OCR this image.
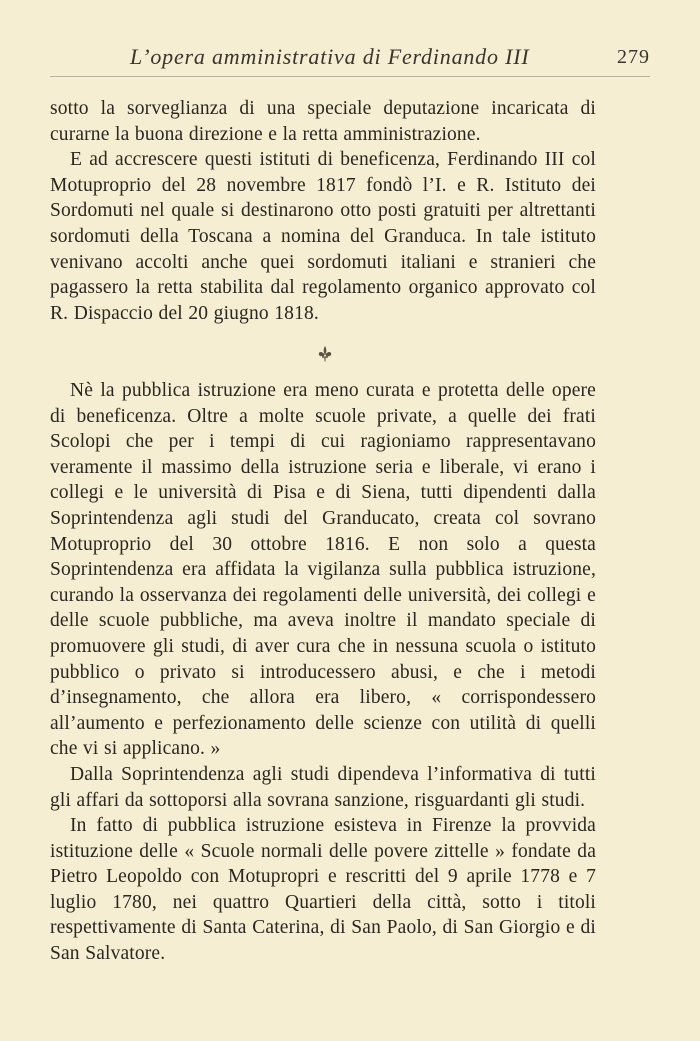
L’opera amministrativa di Ferdinando III	279

sotto la sorveglianza di una speciale deputazione incaricata di curarne la buona direzione e la retta amministrazione.

E ad accrescere questi istituti di beneficenza, Ferdinando III col Motuproprio del 28 novembre 1817 fondò l’I. e R. Istituto dei Sordomuti nel quale si destinarono otto posti gratuiti per altrettanti sordomuti della Toscana a nomina del Granduca. In tale istituto venivano accolti anche quei sordomuti italiani e stranieri che pagassero la retta stabilita dal regolamento organico approvato col R. Dispaccio del 20 giugno 1818.

Nè la pubblica istruzione era meno curata e protetta delle opere di beneficenza. Oltre a molte scuole private, a quelle dei frati Scolopi che per i tempi di cui ragioniamo rappresentavano veramente il massimo della istruzione seria e liberale, vi erano i collegi e le università di Pisa e di Siena, tutti dipendenti dalla Soprintendenza agli studi del Granducato, creata col sovrano Motuproprio del 30 ottobre 1816. E non solo a questa Soprintendenza era affidata la vigilanza sulla pubblica istruzione, curando la osservanza dei regolamenti delle università, dei collegi e delle scuole pubbliche, ma aveva inoltre il mandato speciale di promuovere gli studi, di aver cura che in nessuna scuola o istituto pubblico o privato si introducessero abusi, e che i metodi d’insegnamento, che allora era libero, « corrispondessero all’aumento e perfezionamento delle scienze con utilità di quelli che vi si applicano. »

Dalla Soprintendenza agli studi dipendeva l’informativa di tutti gli affari da sottoporsi alla sovrana sanzione, risguardanti gli studi.

In fatto di pubblica istruzione esisteva in Firenze la provvida istituzione delle « Scuole normali delle povere zittelle » fondate da Pietro Leopoldo con Motupropri e rescritti del 9 aprile 1778 e 7 luglio 1780, nei quattro Quartieri della città, sotto i titoli respettivamente di Santa Caterina, di San Paolo, di San Giorgio e di San Salvatore.
